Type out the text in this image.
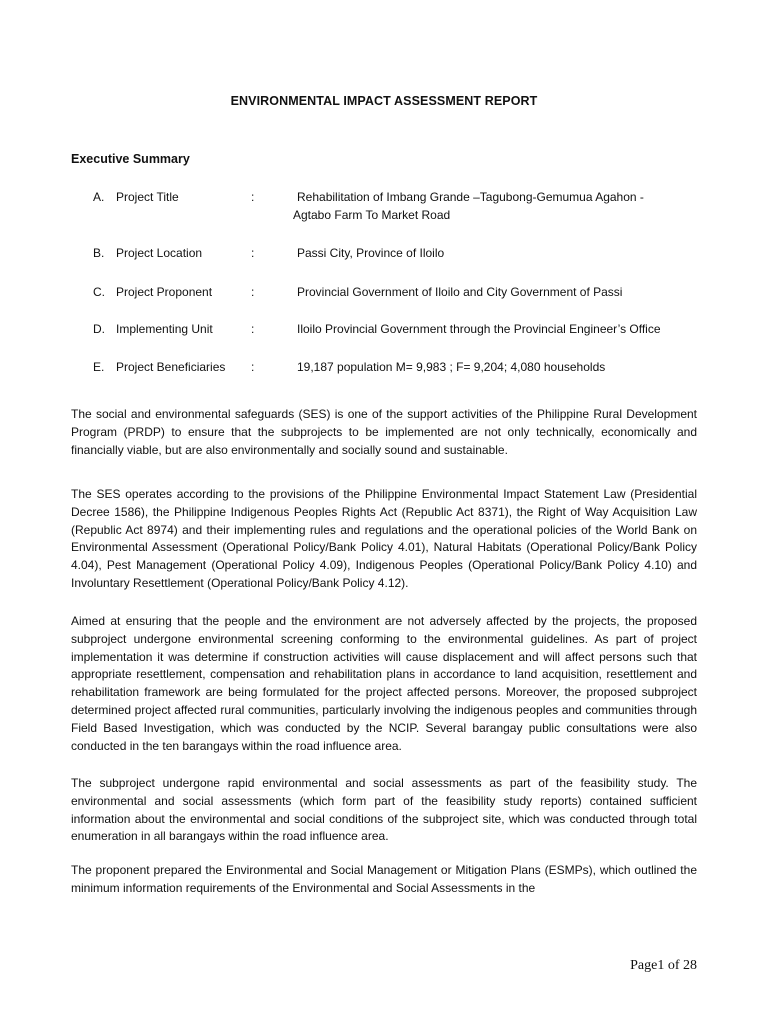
ENVIRONMENTAL IMPACT ASSESSMENT REPORT
Executive Summary
A. Project Title	:	Rehabilitation of Imbang Grande –Tagubong-Gemumua Agahon -
Agtabo Farm To Market Road
B. Project Location	:	Passi City, Province of Iloilo
C. Project Proponent	:	Provincial Government of Iloilo and City Government of Passi
D. Implementing Unit	:	Iloilo Provincial Government through the Provincial Engineer’s Office
E. Project Beneficiaries :	19,187 population M= 9,983 ; F= 9,204; 4,080 households

The social and environmental safeguards (SES) is one of the support activities of the Philippine Rural Development Program (PRDP) to ensure that the subprojects to be implemented are not only technically, economically and financially viable, but are also environmentally and socially sound and sustainable.

The SES operates according to the provisions of the Philippine Environmental Impact Statement Law (Presidential Decree 1586), the Philippine Indigenous Peoples Rights Act (Republic Act 8371), the Right of Way Acquisition Law (Republic Act 8974) and their implementing rules and regulations and the operational policies of the World Bank on Environmental Assessment (Operational Policy/Bank Policy 4.01), Natural Habitats (Operational Policy/Bank Policy 4.04), Pest Management (Operational Policy 4.09), Indigenous Peoples (Operational Policy/Bank Policy 4.10) and Involuntary Resettlement (Operational Policy/Bank Policy 4.12).

Aimed at ensuring that the people and the environment are not adversely affected by the projects, the proposed subproject undergone environmental screening conforming to the environmental guidelines. As part of project implementation it was determine if construction activities will cause displacement and will affect persons such that appropriate resettlement, compensation and rehabilitation plans in accordance to land acquisition, resettlement and rehabilitation framework are being formulated for the project affected persons. Moreover, the proposed subproject determined project affected rural communities, particularly involving the indigenous peoples and communities through Field Based Investigation, which was conducted by the NCIP. Several barangay public consultations were also conducted in the ten barangays within the road influence area.

The subproject undergone rapid environmental and social assessments as part of the feasibility study. The environmental and social assessments (which form part of the feasibility study reports) contained sufficient information about the environmental and social conditions of the subproject site, which was conducted through total enumeration in all barangays within the road influence area.

The proponent prepared the Environmental and Social Management or Mitigation Plans (ESMPs), which outlined the minimum information requirements of the Environmental and Social Assessments in the

Page1 of 28
